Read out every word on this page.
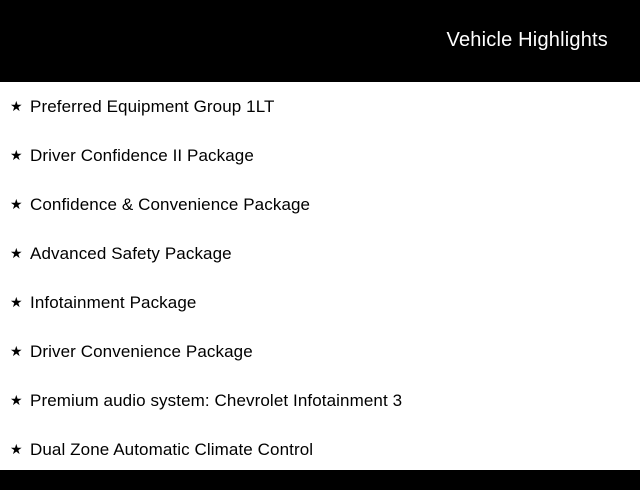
Vehicle Highlights
★ Preferred Equipment Group 1LT
★ Driver Confidence II Package
★ Confidence & Convenience Package
★ Advanced Safety Package
★ Infotainment Package
★ Driver Convenience Package
★ Premium audio system: Chevrolet Infotainment 3
★ Dual Zone Automatic Climate Control
